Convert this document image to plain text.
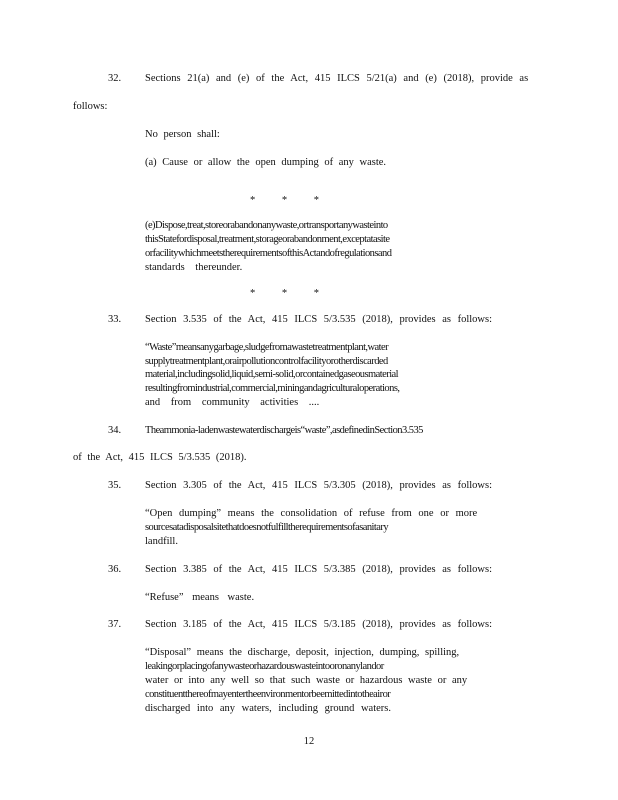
32. Sections 21(a) and (e) of the Act, 415 ILCS 5/21(a) and (e) (2018), provide as
follows:
No person shall:
(a) Cause or allow the open dumping of any waste.
* * *
(e)Dispose,treat,storeorabandonanywaste,ortransportanywasteinto
thisStatefordisposal,treatment,storageorabandonment,exceptatasite
orfacilitywhichmeetstherequirementsofthisActandofregulationsand
standards thereunder.
* * *
33. Section 3.535 of the Act, 415 ILCS 5/3.535 (2018), provides as follows:
“Waste”meansanygarbage,sludgefromawastetreatmentplant,water
supplytreatmentplant,orairpollutioncontrolfacilityorotherdiscarded
material,includingsolid,liquid,semi-solid,orcontainedgaseousmaterial
resultingfromindustrial,commercial,miningandagriculturaloperations,
and from community activities ....
34. Theammonia-ladenwastewaterdischargeis“waste”,asdefinedinSection3.535
of the Act, 415 ILCS 5/3.535 (2018).
35. Section 3.305 of the Act, 415 ILCS 5/3.305 (2018), provides as follows:
“Open dumping” means the consolidation of refuse from one or more
sourcesatadisposalsitethatdoesnotfulfilltherequirementsofasanitary
landfill.
36. Section 3.385 of the Act, 415 ILCS 5/3.385 (2018), provides as follows:
“Refuse” means waste.
37. Section 3.185 of the Act, 415 ILCS 5/3.185 (2018), provides as follows:
“Disposal” means the discharge, deposit, injection, dumping, spilling,
leakingorplacingofanywasteorhazardouswasteintooronanylandor
water or into any well so that such waste or hazardous waste or any
constituentthereofmayentertheenvironmentorbeemittedintotheairor
discharged into any waters, including ground waters.
12
